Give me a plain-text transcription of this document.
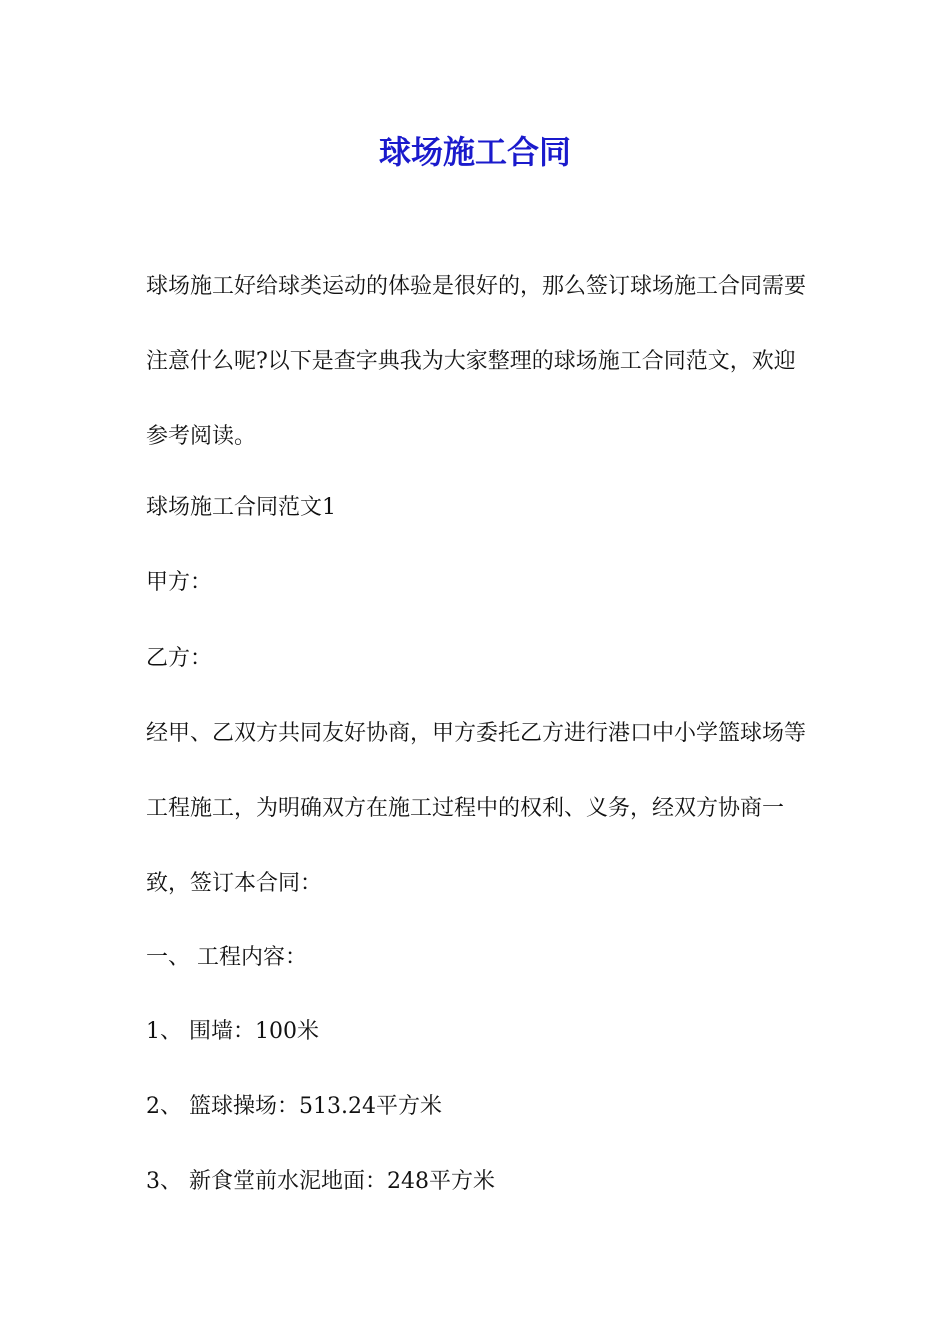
球场施工合同

球场施工好给球类运动的体验是很好的，那么签订球场施工合同需要注意什么呢?以下是查字典我为大家整理的球场施工合同范文，欢迎参考阅读。

球场施工合同范文1

甲方：

乙方：

经甲、乙双方共同友好协商，甲方委托乙方进行港口中小学篮球场等工程施工，为明确双方在施工过程中的权利、义务，经双方协商一致，签订本合同：

一、 工程内容：

1、 围墙：100米

2、 篮球操场：513.24平方米

3、 新食堂前水泥地面：248平方米
